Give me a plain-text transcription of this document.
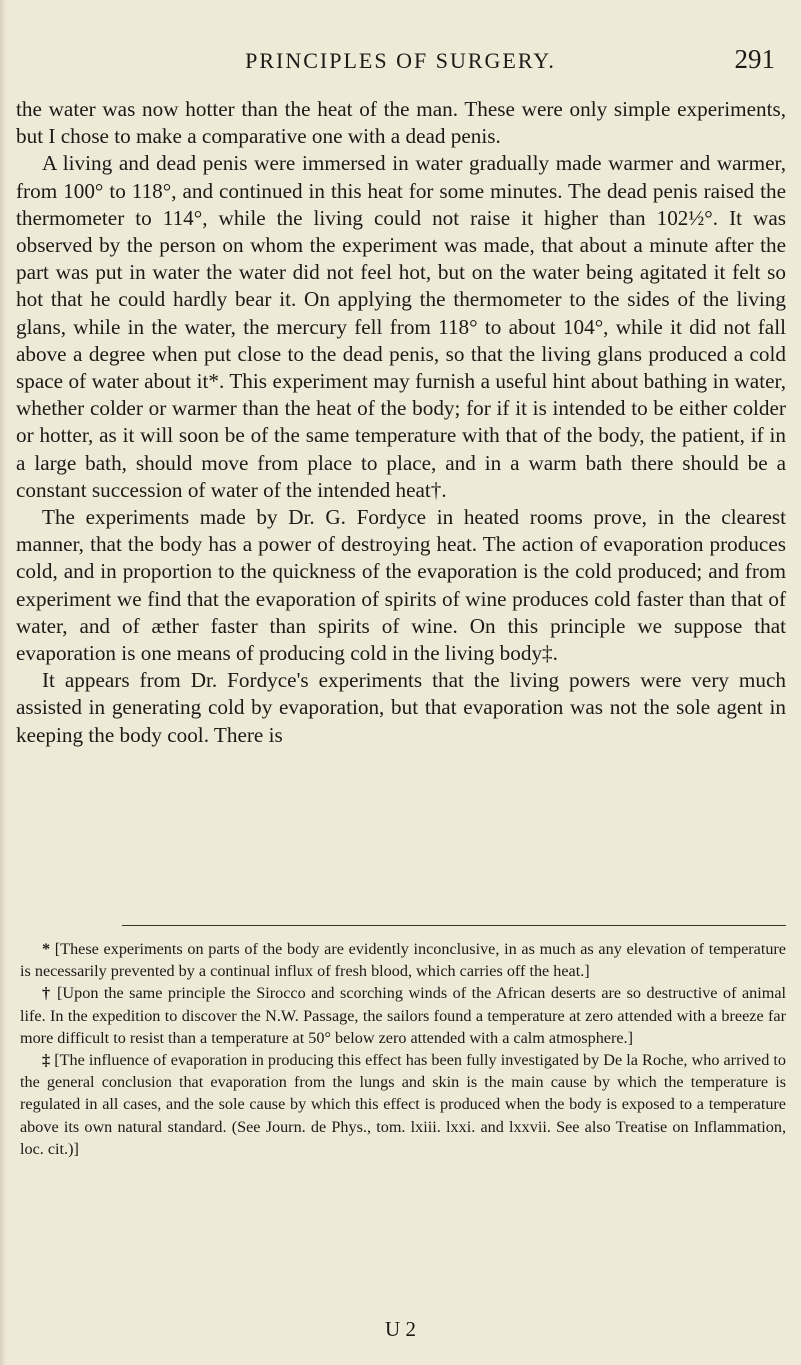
PRINCIPLES OF SURGERY.	291

the water was now hotter than the heat of the man. These were only simple experiments, but I chose to make a comparative one with a dead penis.

A living and dead penis were immersed in water gradually made warmer and warmer, from 100° to 118°, and continued in this heat for some minutes. The dead penis raised the thermometer to 114°, while the living could not raise it higher than 102½°. It was observed by the person on whom the experiment was made, that about a minute after the part was put in water the water did not feel hot, but on the water being agitated it felt so hot that he could hardly bear it. On applying the thermometer to the sides of the living glans, while in the water, the mercury fell from 118° to about 104°, while it did not fall above a degree when put close to the dead penis, so that the living glans produced a cold space of water about it*. This experiment may furnish a useful hint about bathing in water, whether colder or warmer than the heat of the body; for if it is intended to be either colder or hotter, as it will soon be of the same temperature with that of the body, the patient, if in a large bath, should move from place to place, and in a warm bath there should be a constant succession of water of the intended heat†.

The experiments made by Dr. G. Fordyce in heated rooms prove, in the clearest manner, that the body has a power of destroying heat. The action of evaporation produces cold, and in proportion to the quickness of the evaporation is the cold produced; and from experiment we find that the evaporation of spirits of wine produces cold faster than that of water, and of æther faster than spirits of wine. On this principle we suppose that evaporation is one means of producing cold in the living body‡.

It appears from Dr. Fordyce's experiments that the living powers were very much assisted in generating cold by evaporation, but that evaporation was not the sole agent in keeping the body cool. There is

* [These experiments on parts of the body are evidently inconclusive, in as much as any elevation of temperature is necessarily prevented by a continual influx of fresh blood, which carries off the heat.]

† [Upon the same principle the Sirocco and scorching winds of the African deserts are so destructive of animal life. In the expedition to discover the N.W. Passage, the sailors found a temperature at zero attended with a breeze far more difficult to resist than a temperature at 50° below zero attended with a calm atmosphere.]

‡ [The influence of evaporation in producing this effect has been fully investigated by De la Roche, who arrived to the general conclusion that evaporation from the lungs and skin is the main cause by which the temperature is regulated in all cases, and the sole cause by which this effect is produced when the body is exposed to a temperature above its own natural standard. (See Journ. de Phys., tom. lxiii. lxxi. and lxxvii. See also Treatise on Inflammation, loc. cit.)]

U 2
